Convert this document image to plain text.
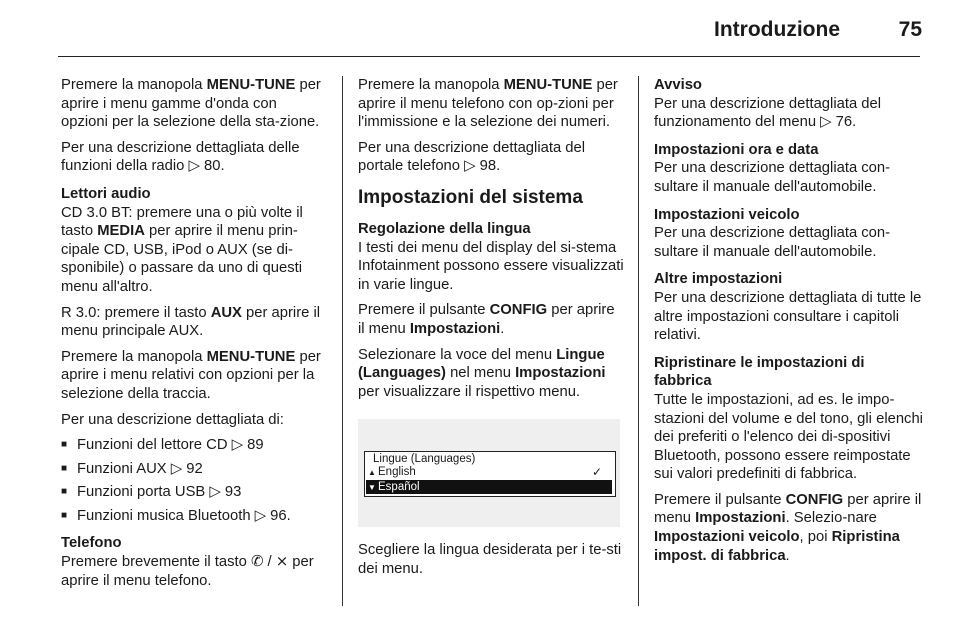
Introduzione	75

Premere la manopola MENU-TUNE per aprire i menu gamme d'onda con opzioni per la selezione della sta-zione.

Per una descrizione dettagliata delle funzioni della radio ▷ 80.

Lettori audio

CD 3.0 BT: premere una o più volte il tasto MEDIA per aprire il menu prin-cipale CD, USB, iPod o AUX (se di-sponibile) o passare da uno di questi menu all'altro.

R 3.0: premere il tasto AUX per aprire il menu principale AUX.

Premere la manopola MENU-TUNE per aprire i menu relativi con opzioni per la selezione della traccia.

Per una descrizione dettagliata di:

■ Funzioni del lettore CD ▷ 89
■ Funzioni AUX ▷ 92
■ Funzioni porta USB ▷ 93
■ Funzioni musica Bluetooth ▷ 96.

Telefono

Premere brevemente il tasto ✆ / ⨯ per aprire il menu telefono.

Premere la manopola MENU-TUNE per aprire il menu telefono con op-zioni per l'immissione e la selezione dei numeri.

Per una descrizione dettagliata del portale telefono ▷ 98.

Impostazioni del sistema

Regolazione della lingua

I testi dei menu del display del si-stema Infotainment possono essere visualizzati in varie lingue.

Premere il pulsante CONFIG per aprire il menu Impostazioni.

Selezionare la voce del menu Lingue (Languages) nel menu Impostazioni per visualizzare il rispettivo menu.

Lingue (Languages)
▲ English	✓
▼ Español

Scegliere la lingua desiderata per i te-sti dei menu.

Avviso

Per una descrizione dettagliata del funzionamento del menu ▷ 76.

Impostazioni ora e data

Per una descrizione dettagliata con-sultare il manuale dell'automobile.

Impostazioni veicolo

Per una descrizione dettagliata con-sultare il manuale dell'automobile.

Altre impostazioni

Per una descrizione dettagliata di tutte le altre impostazioni consultare i capitoli relativi.

Ripristinare le impostazioni di fabbrica

Tutte le impostazioni, ad es. le impo-stazioni del volume e del tono, gli elenchi dei preferiti o l'elenco dei di-spositivi Bluetooth, possono essere reimpostate sui valori predefiniti di fabbrica.

Premere il pulsante CONFIG per aprire il menu Impostazioni. Selezio-nare Impostazioni veicolo, poi Ripristina impost. di fabbrica.
